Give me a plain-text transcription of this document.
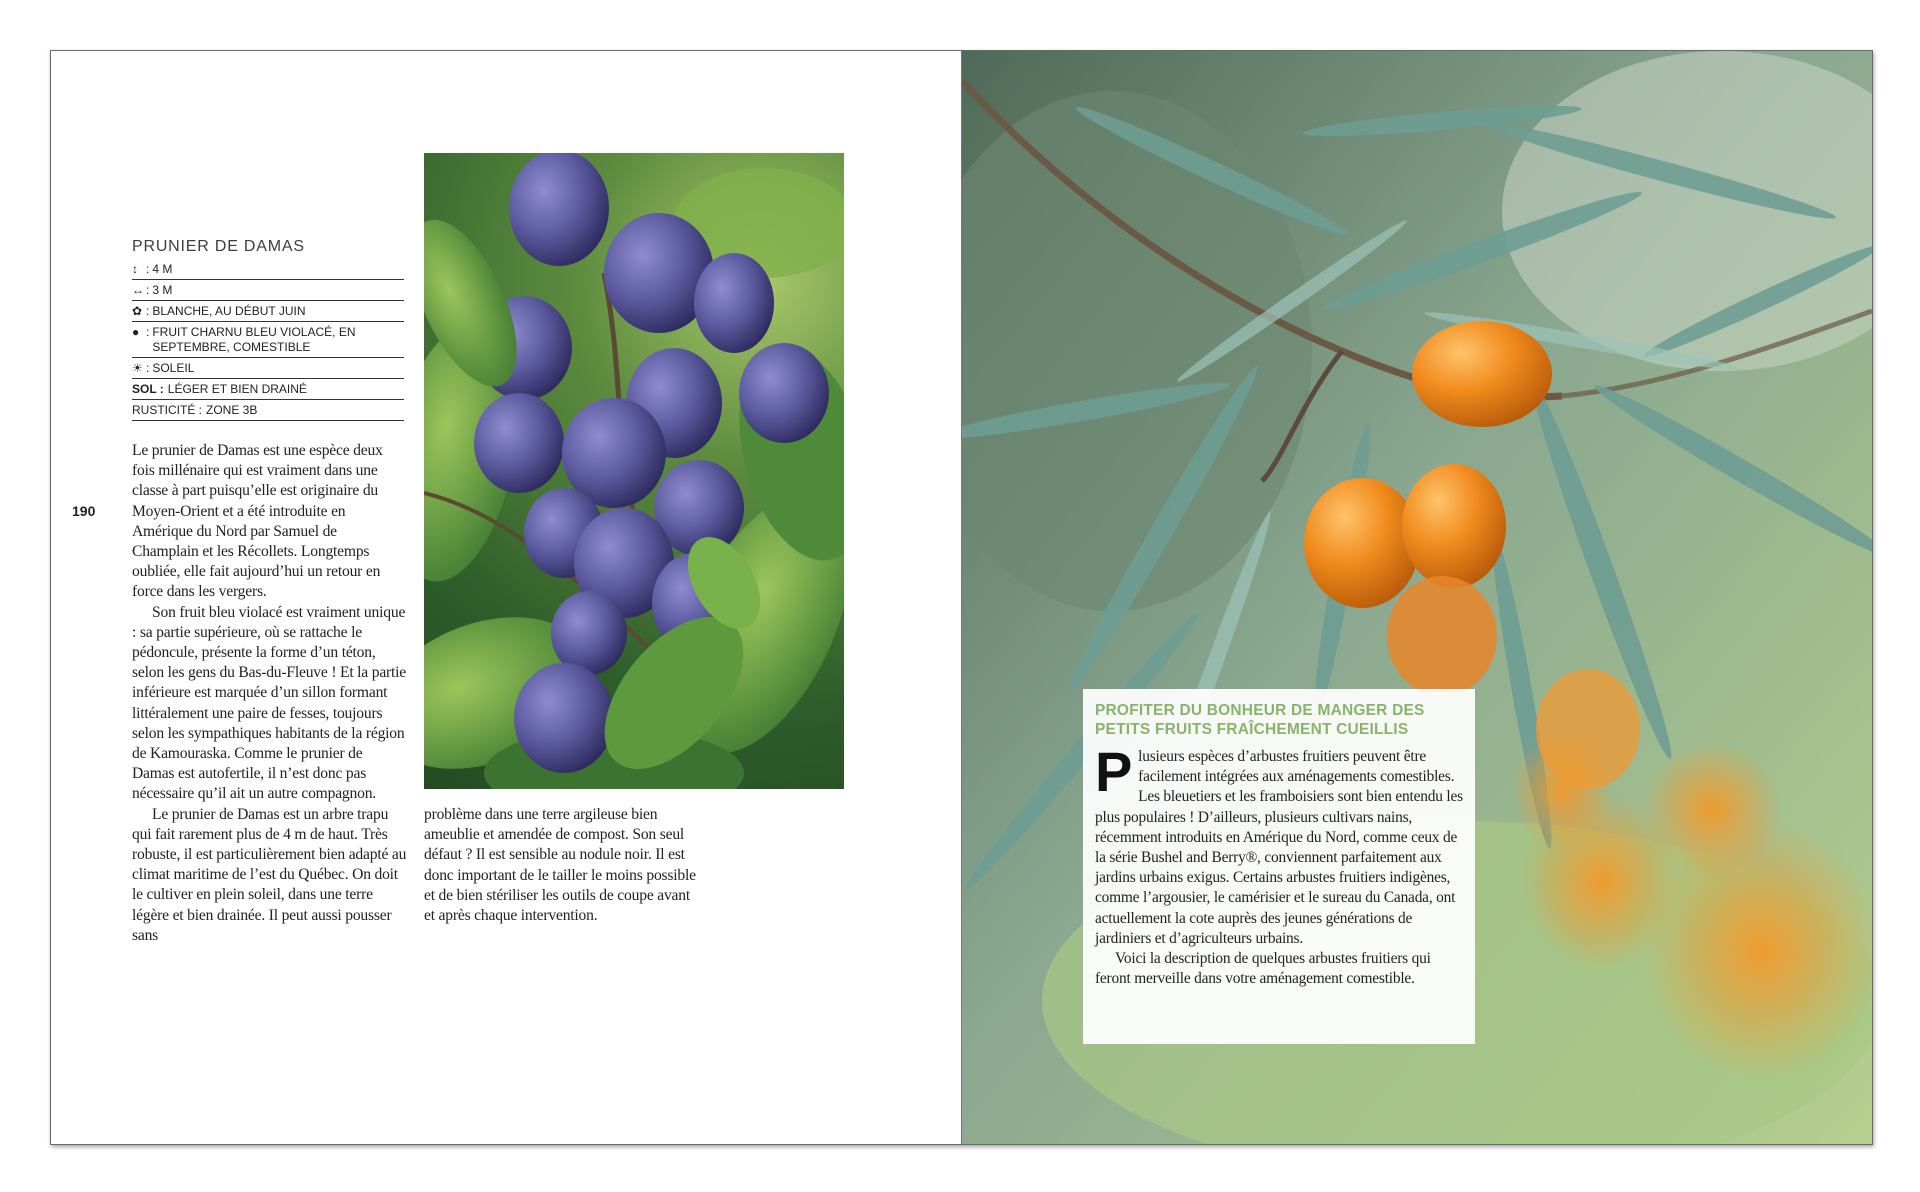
PRUNIER DE DAMAS
↕ : 4 M
↔ : 3 M
✿ : BLANCHE, AU DÉBUT JUIN
● : FRUIT CHARNU BLEU VIOLACÉ, EN SEPTEMBRE, COMESTIBLE
☀ : SOLEIL
SOL : LÉGER ET BIEN DRAINÉ
RUSTICITÉ : ZONE 3B
190

Le prunier de Damas est une espèce deux fois millénaire qui est vraiment dans une classe à part puisqu’elle est originaire du Moyen-Orient et a été introduite en Amérique du Nord par Samuel de Champlain et les Récollets. Longtemps oubliée, elle fait aujourd’hui un retour en force dans les vergers.

Son fruit bleu violacé est vraiment unique : sa partie supérieure, où se rattache le pédoncule, présente la forme d’un téton, selon les gens du Bas-du-Fleuve ! Et la partie inférieure est marquée d’un sillon formant littéralement une paire de fesses, toujours selon les sympathiques habitants de la région de Kamouraska. Comme le prunier de Damas est autofertile, il n’est donc pas nécessaire qu’il ait un autre compagnon.

Le prunier de Damas est un arbre trapu qui fait rarement plus de 4 m de haut. Très robuste, il est particulièrement bien adapté au climat maritime de l’est du Québec. On doit le cultiver en plein soleil, dans une terre légère et bien drainée. Il peut aussi pousser sans

problème dans une terre argileuse bien ameublie et amendée de compost. Son seul défaut ? Il est sensible au nodule noir. Il est donc important de le tailler le moins possible et de bien stériliser les outils de coupe avant et après chaque intervention.

PROFITER DU BONHEUR DE MANGER DES PETITS FRUITS FRAÎCHEMENT CUEILLIS

Plusieurs espèces d’arbustes fruitiers peuvent être facilement intégrées aux aménagements comestibles. Les bleuetiers et les framboisiers sont bien entendu les plus populaires ! D’ailleurs, plusieurs cultivars nains, récemment introduits en Amérique du Nord, comme ceux de la série Bushel and Berry®, conviennent parfaitement aux jardins urbains exigus. Certains arbustes fruitiers indigènes, comme l’argousier, le camérisier et le sureau du Canada, ont actuellement la cote auprès des jeunes générations de jardiniers et d’agriculteurs urbains.

Voici la description de quelques arbustes fruitiers qui feront merveille dans votre aménagement comestible.
